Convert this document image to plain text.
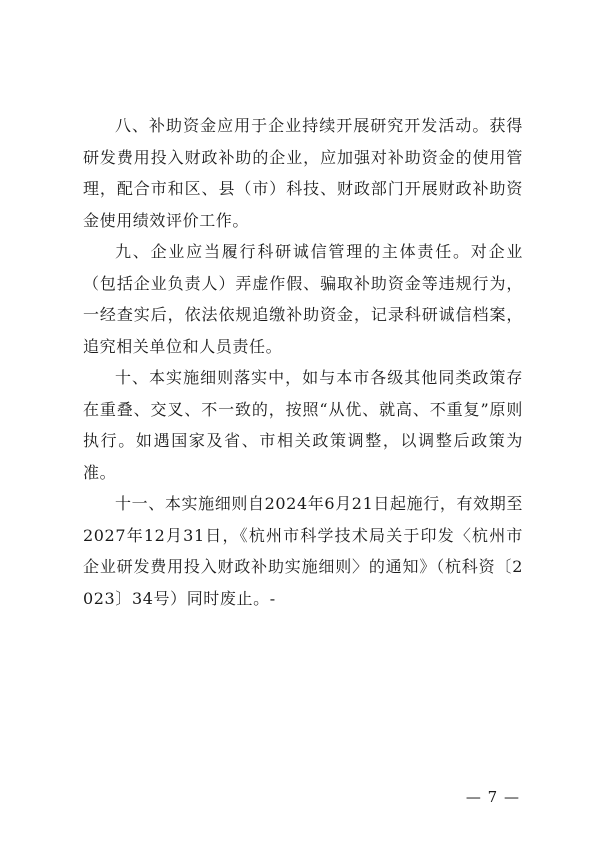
八、补助资金应用于企业持续开展研究开发活动。获得研发费用投入财政补助的企业，应加强对补助资金的使用管理，配合市和区、县（市）科技、财政部门开展财政补助资金使用绩效评价工作。

九、企业应当履行科研诚信管理的主体责任。对企业（包括企业负责人）弄虚作假、骗取补助资金等违规行为，一经查实后，依法依规追缴补助资金，记录科研诚信档案，追究相关单位和人员责任。

十、本实施细则落实中，如与本市各级其他同类政策存在重叠、交叉、不一致的，按照“从优、就高、不重复”原则执行。如遇国家及省、市相关政策调整，以调整后政策为准。

十一、本实施细则自2024年6月21日起施行，有效期至2027年12月31日，《杭州市科学技术局关于印发〈杭州市企业研发费用投入财政补助实施细则〉的通知》（杭科资〔2023〕34号）同时废止。-

— 7 —
